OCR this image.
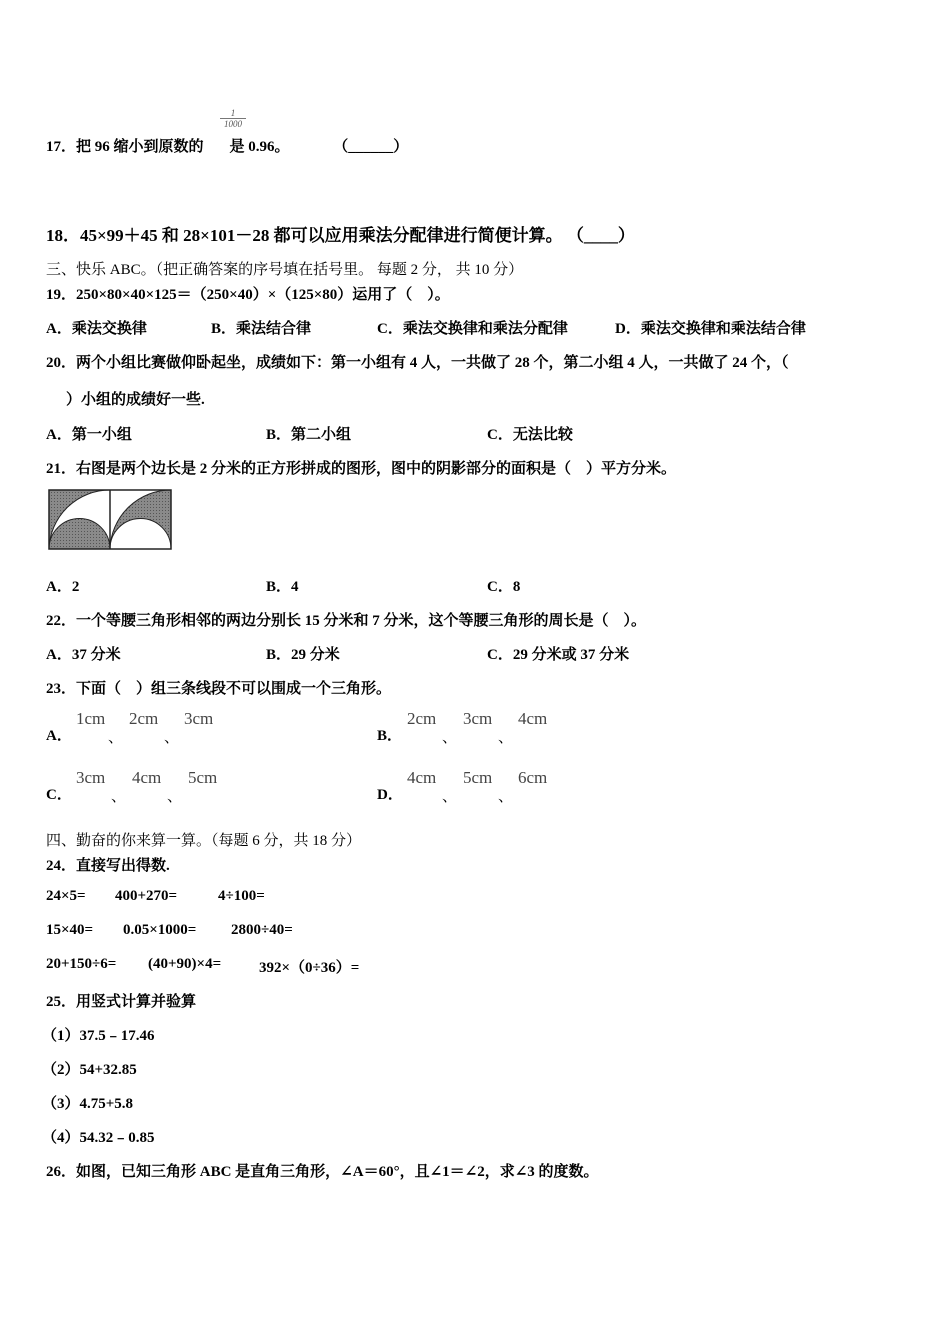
17．把 96 缩小到原数的 是 0.96。	（______）
$\frac{1}{1000}$
18．45×99＋45 和 28×101－28 都可以应用乘法分配律进行简便计算。 （____）
三、快乐 ABC。（把正确答案的序号填在括号里。 每题 2 分， 共 10 分）
19．250×80×40×125＝（250×40）×（125×80）运用了（　）。
A．乘法交换律	B．乘法结合律	C．乘法交换律和乘法分配律	D．乘法交换律和乘法结合律
20．两个小组比赛做仰卧起坐，成绩如下：第一小组有 4 人，一共做了 28 个，第二小组 4 人，一共做了 24 个，（
）小组的成绩好一些.
A．第一小组	B．第二小组	C．无法比较
21．右图是两个边长是 2 分米的正方形拼成的图形，图中的阴影部分的面积是（　）平方分米。
A．2	B．4	C．8
22．一个等腰三角形相邻的两边分别长 15 分米和 7 分米，这个等腰三角形的周长是（　）。
A．37 分米	B．29 分米	C．29 分米或 37 分米
23．下面（　）组三条线段不可以围成一个三角形。
A．
1cm
、
2cm
、
3cm
B．
2cm
、
3cm
、
4cm
C．
3cm
、
4cm
、
5cm
D．
4cm
、
5cm
、
6cm
四、勤奋的你来算一算。（每题 6 分，共 18 分）
24．直接写出得数.
24×5= 400+270=	4÷100=
15×40= 0.05×1000= 2800÷40=
20+150÷6= (40+90)×4=	392×（0÷36）=
25．用竖式计算并验算
（1）37.5﹣17.46
（2）54+32.85
（3）4.75+5.8
（4）54.32﹣0.85
26．如图，已知三角形 ABC 是直角三角形，∠A＝60°，且∠1＝∠2，求∠3 的度数。
